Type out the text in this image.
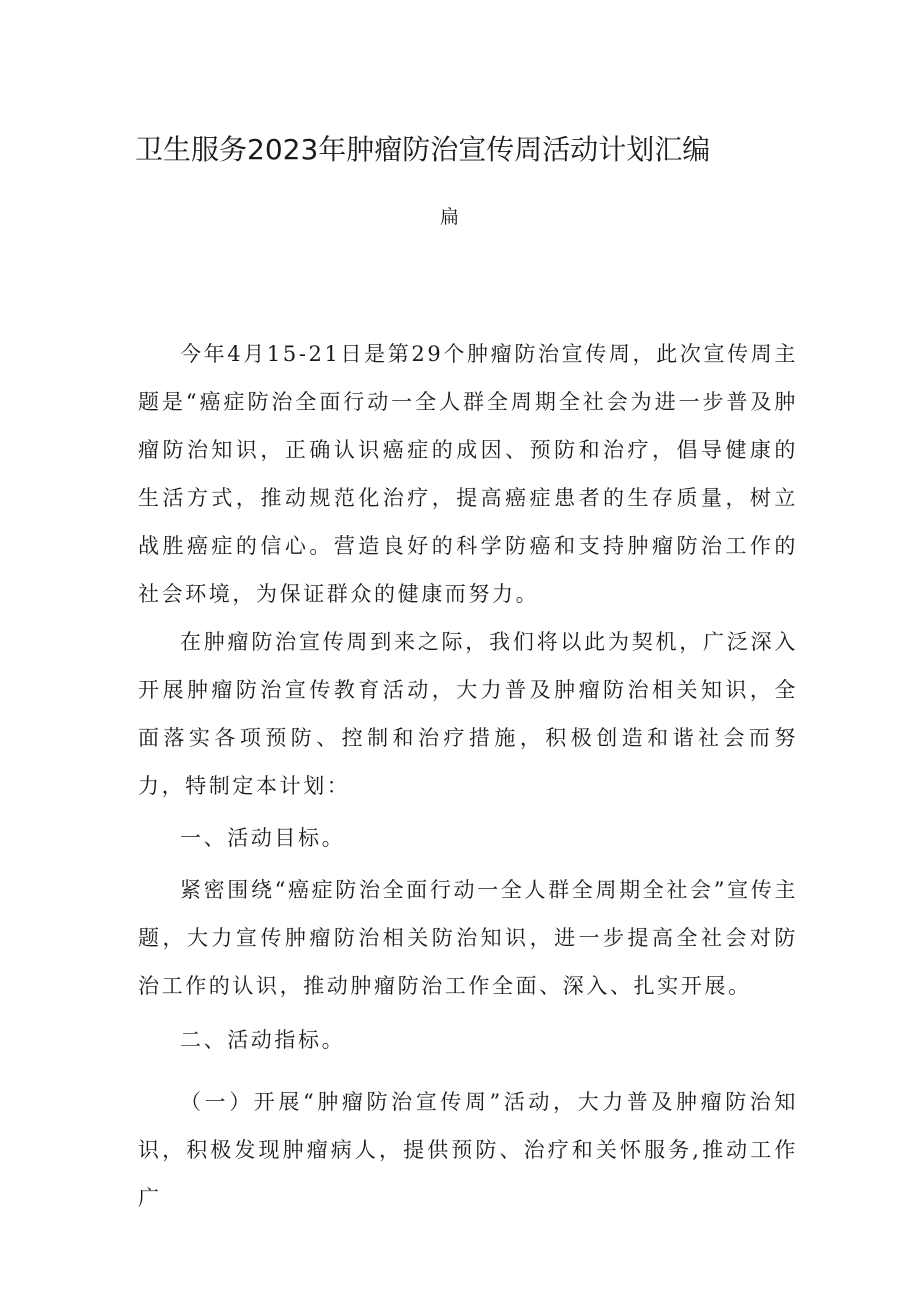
卫生服务2023年肿瘤防治宣传周活动计划汇编
扁

今年4月15-21日是第29个肿瘤防治宣传周，此次宣传周主题是“癌症防治全面行动一全人群全周期全社会为进一步普及肿瘤防治知识，正确认识癌症的成因、预防和治疗，倡导健康的生活方式，推动规范化治疗，提高癌症患者的生存质量，树立战胜癌症的信心。营造良好的科学防癌和支持肿瘤防治工作的社会环境，为保证群众的健康而努力。

在肿瘤防治宣传周到来之际，我们将以此为契机，广泛深入开展肿瘤防治宣传教育活动，大力普及肿瘤防治相关知识，全面落实各项预防、控制和治疗措施，积极创造和谐社会而努力，特制定本计划：

一、活动目标。

紧密围绕“癌症防治全面行动一全人群全周期全社会”宣传主题，大力宣传肿瘤防治相关防治知识，进一步提高全社会对防治工作的认识，推动肿瘤防治工作全面、深入、扎实开展。

二、活动指标。

（一）开展“肿瘤防治宣传周”活动，大力普及肿瘤防治知识，积极发现肿瘤病人，提供预防、治疗和关怀服务,推动工作广
